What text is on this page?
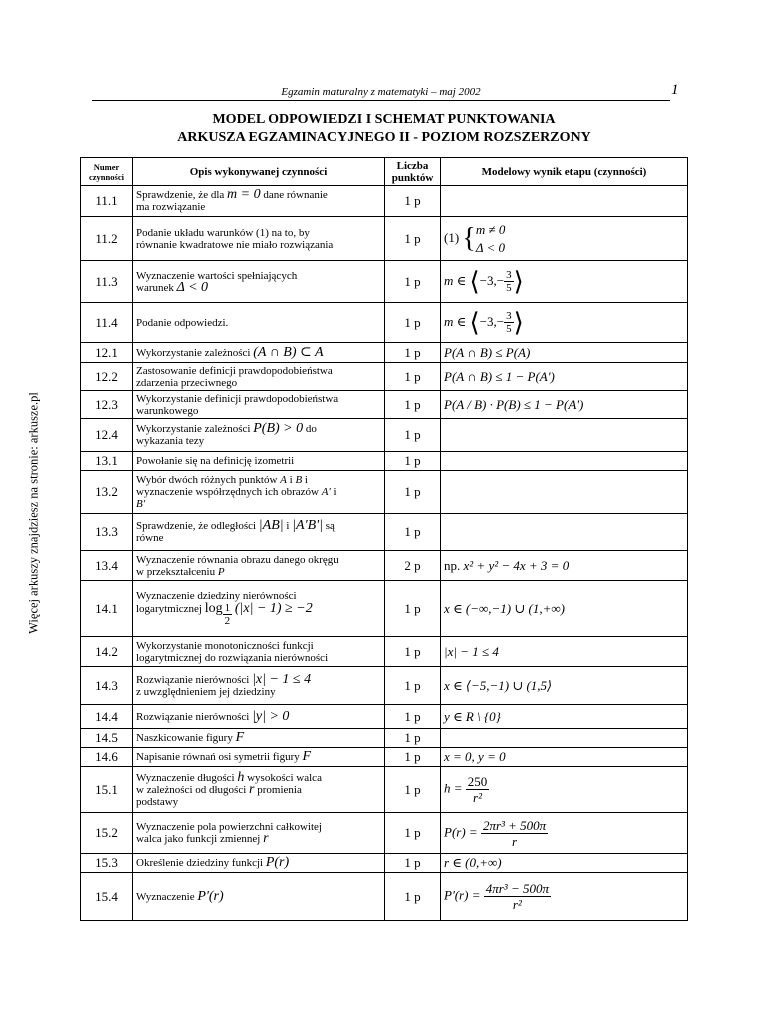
Egzamin maturalny z matematyki – maj 2002	1
MODEL ODPOWIEDZI I SCHEMAT PUNKTOWANIA
ARKUSZA EGZAMINACYJNEGO II - POZIOM ROZSZERZONY
Więcej arkuszy znajdziesz na stronie: arkusze.pl
Numer
czynności	Opis wykonywanej czynności	Liczba
punktów	Modelowy wynik etapu (czynności)
11.1	Sprawdzenie, że dla m = 0 dane równanie
ma rozwiązanie	1 p	
11.2	Podanie układu warunków (1) na to, by
równanie kwadratowe nie miało rozwiązania	1 p	(1) {m ≠ 0
Δ < 0
11.3	Wyznaczenie wartości spełniających
warunek Δ < 0	1 p	m ∈ ⟨−3,− $\frac{3}{5}$ ⟩
11.4	Podanie odpowiedzi.	1 p	m ∈ ⟨−3,− $\frac{3}{5}$ ⟩
12.1	Wykorzystanie zależności (A ∩ B) ⊂ A	1 p	P(A ∩ B) ≤ P(A)
12.2	Zastosowanie definicji prawdopodobieństwa
zdarzenia przeciwnego	1 p	P(A ∩ B) ≤ 1 − P(A')
12.3	Wykorzystanie definicji prawdopodobieństwa
warunkowego	1 p	P(A / B) · P(B) ≤ 1 − P(A')
12.4	Wykorzystanie zależności P(B) > 0 do
wykazania tezy	1 p	
13.1	Powołanie się na definicję izometrii	1 p	
13.2	Wybór dwóch różnych punktów A i B i
wyznaczenie współrzędnych ich obrazów A' i
B'	1 p	
13.3	Sprawdzenie, że odległości |AB| i |A'B'| są
równe	1 p	
13.4	Wyznaczenie równania obrazu danego okręgu
w przekształceniu P	2 p	np. x² + y² − 4x + 3 = 0
14.1	Wyznaczenie dziedziny nierówności
logarytmicznej $\log \frac{1}{2} (|x| - 1) \ge -2$	1 p	x ∈ (−∞,−1) ∪ (1,+∞)
14.2	Wykorzystanie monotoniczności funkcji
logarytmicznej do rozwiązania nierówności	1 p	|x| − 1 ≤ 4
14.3	Rozwiązanie nierówności |x| − 1 ≤ 4
z uwzględnieniem jej dziedziny	1 p	x ∈ ⟨−5,−1) ∪ (1,5⟩
14.4	Rozwiązanie nierówności |y| > 0	1 p	y ∈ R \ {0}
14.5	Naszkicowanie figury F	1 p	
14.6	Napisanie równań osi symetrii figury F	1 p	x = 0, y = 0
15.1	Wyznaczenie długości h wysokości walca
w zależności od długości r promienia
podstawy	1 p	$h = \frac{250}{\text{r²}}$

15.2	Wyznaczenie pola powierzchni całkowitej
walca jako funkcji zmiennej r	1 p	$P(r) = \frac{\text{2πr³ + 500π}}{r}$

15.3	Określenie dziedziny funkcji P(r)	1 p	r ∈ (0,+∞)
15.4	Wyznaczenie P'(r)	1 p	$P'(r) = \frac{\text{4πr³ − 500π}}{\text{r²}}$
